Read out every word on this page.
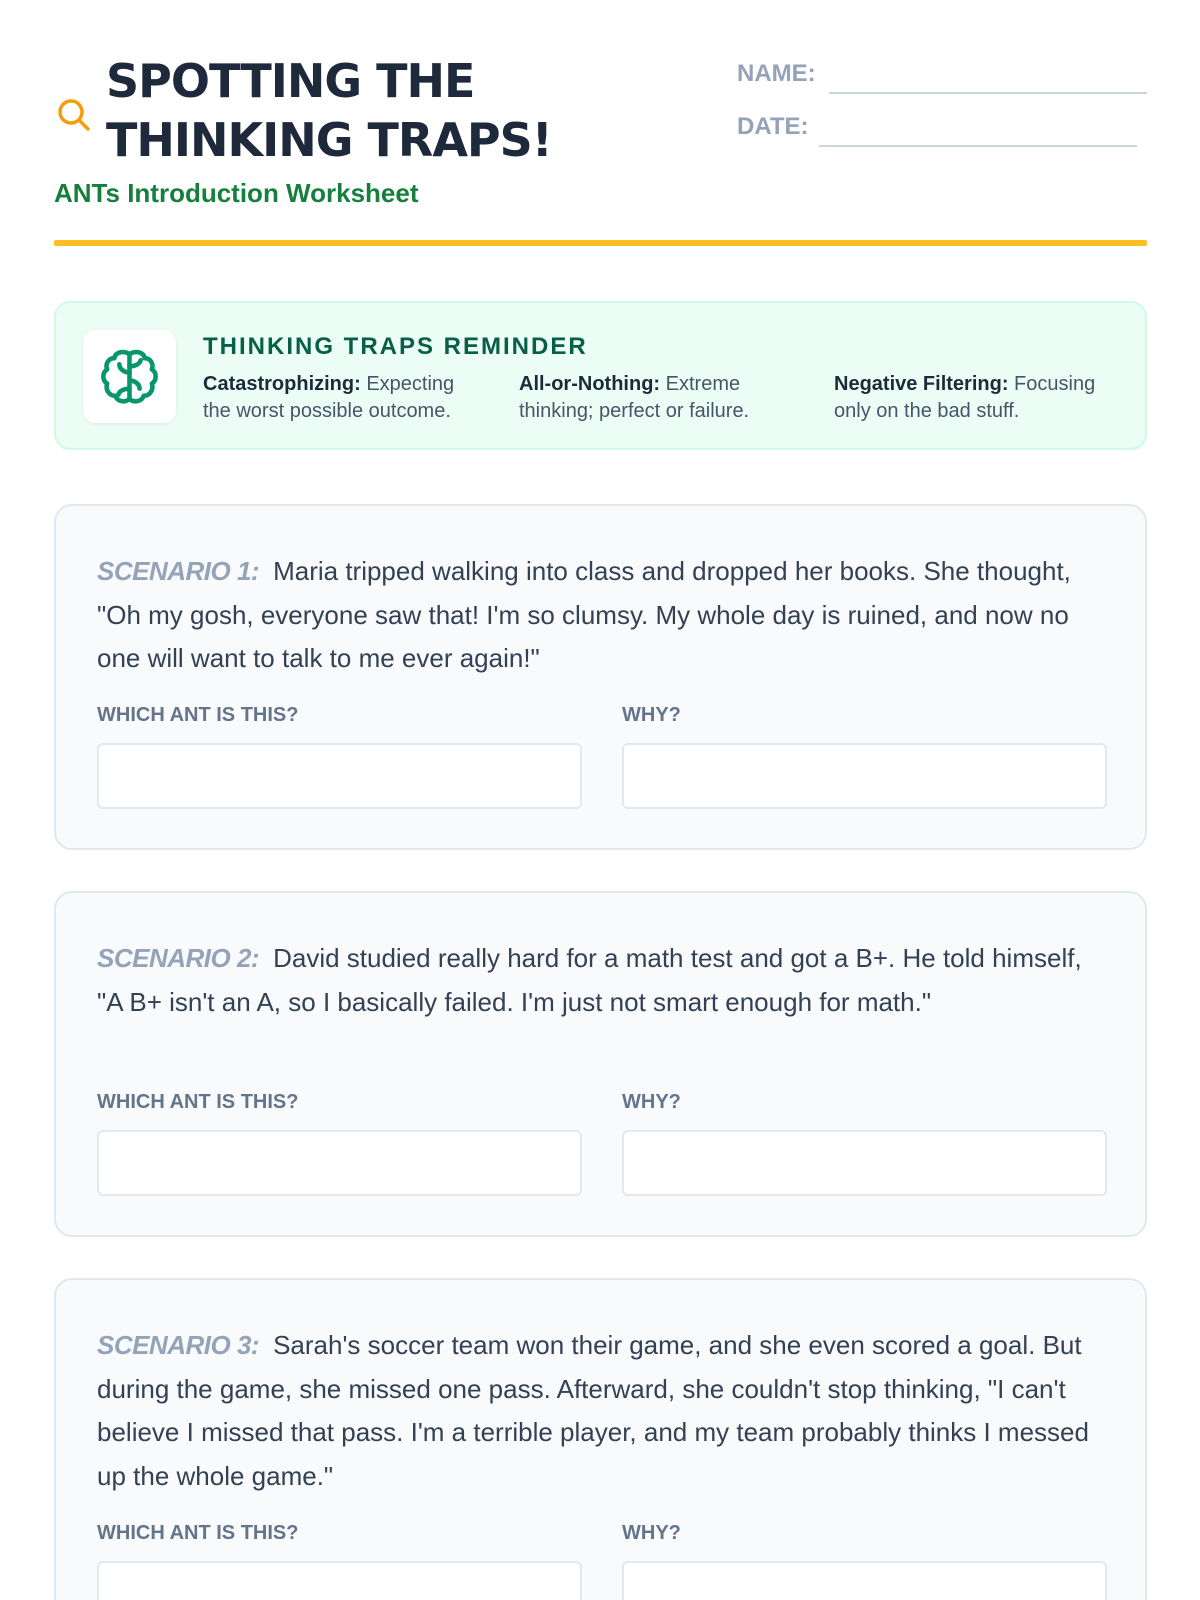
SPOTTING THE
THINKING TRAPS!
ANTs Introduction Worksheet
NAME:
DATE:
THINKING TRAPS REMINDER
Catastrophizing: Expecting the worst possible outcome.
All-or-Nothing: Extreme thinking; perfect or failure.
Negative Filtering: Focusing only on the bad stuff.
SCENARIO 1: Maria tripped walking into class and dropped her books. She thought, "Oh my gosh, everyone saw that! I'm so clumsy. My whole day is ruined, and now no one will want to talk to me ever again!"
WHICH ANT IS THIS?	WHY?
SCENARIO 2: David studied really hard for a math test and got a B+. He told himself, "A B+ isn't an A, so I basically failed. I'm just not smart enough for math."
WHICH ANT IS THIS?	WHY?
SCENARIO 3: Sarah's soccer team won their game, and she even scored a goal. But during the game, she missed one pass. Afterward, she couldn't stop thinking, "I can't believe I missed that pass. I'm a terrible player, and my team probably thinks I messed up the whole game."
WHICH ANT IS THIS?	WHY?
